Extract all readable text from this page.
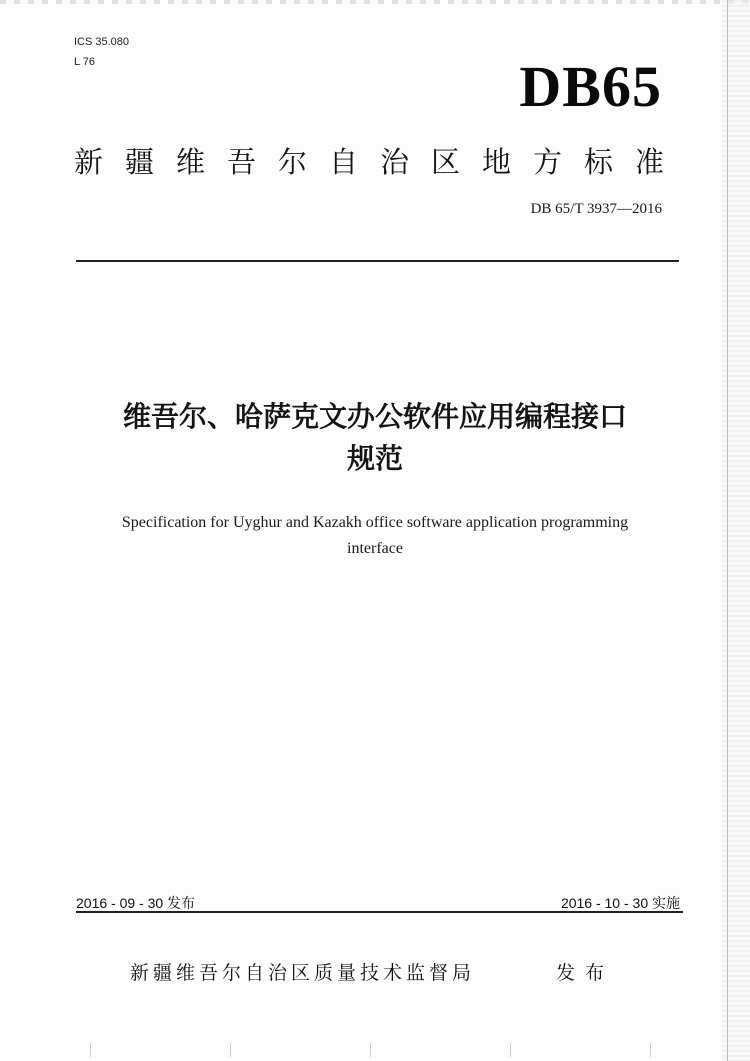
ICS 35.080
L 76	DB65
新疆维吾尔自治区地方标准
DB 65/T 3937—2016
维吾尔、哈萨克文办公软件应用编程接口
规范
Specification for Uyghur and Kazakh office software application programming
interface
2016 - 09 - 30 发布	2016 - 10 - 30 实施
新疆维吾尔自治区质量技术监督局	发布
